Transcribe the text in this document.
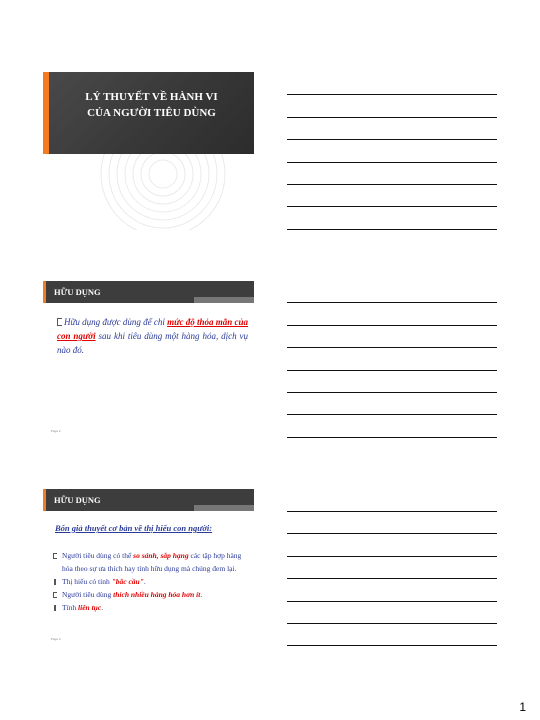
LÝ THUYẾT VỀ HÀNH VI
CỦA NGƯỜI TIÊU DÙNG
HỮU DỤNG
Hữu dụng được dùng để chỉ mức độ thỏa mãn của con người sau khi tiêu dùng một hàng hóa, dịch vụ nào đó.
Page 2
HỮU DỤNG
Bốn giả thuyết cơ bản về thị hiếu con người:
Người tiêu dùng có thể so sánh, sắp hạng các tập hợp hàng hóa theo sự ưa thích hay tính hữu dụng mà chúng đem lại.
Thị hiếu có tính "bắc cầu".
Người tiêu dùng thích nhiều hàng hóa hơn ít.
Tính liên tục.
Page 3
1
